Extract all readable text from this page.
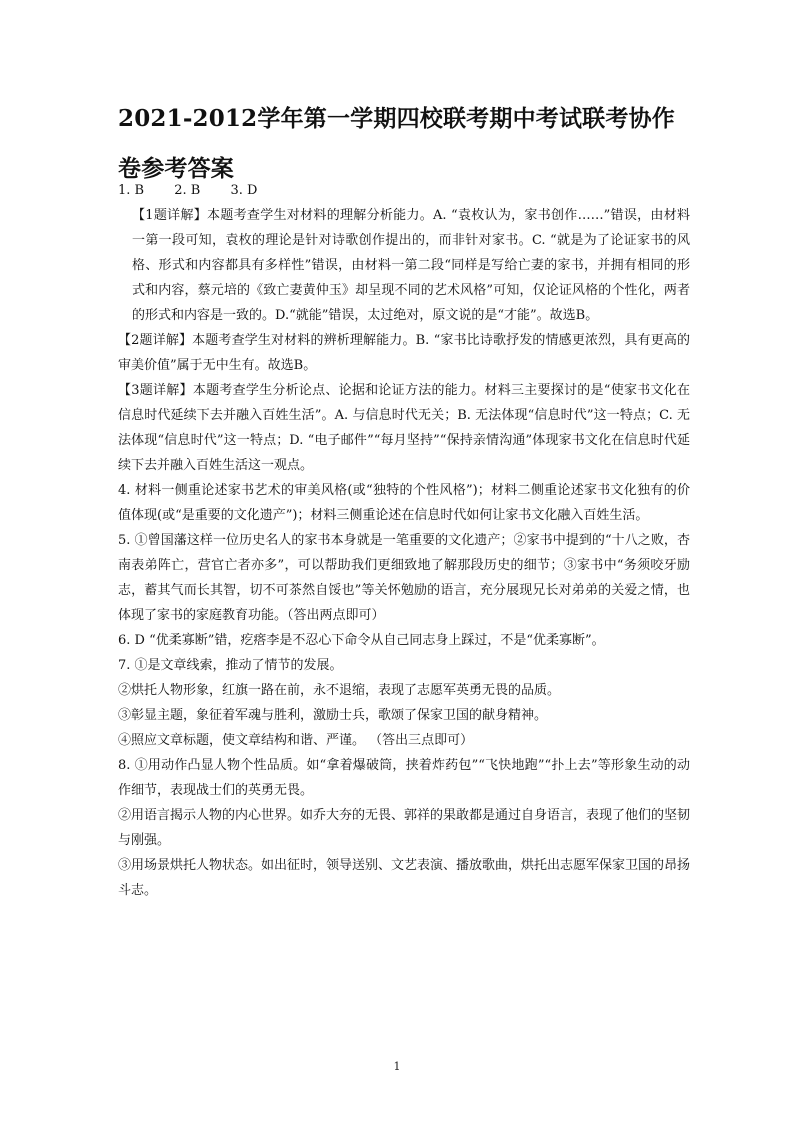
2021-2012学年第一学期四校联考期中考试联考协作卷参考答案

1. B 2. B 3. D

【1题详解】本题考查学生对材料的理解分析能力。A. “袁枚认为，家书创作……”错误，由材料一第一段可知，袁枚的理论是针对诗歌创作提出的，而非针对家书。C. “就是为了论证家书的风格、形式和内容都具有多样性”错误，由材料一第二段“同样是写给亡妻的家书，并拥有相同的形式和内容，蔡元培的《致亡妻黄仲玉》却呈现不同的艺术风格”可知，仅论证风格的个性化，两者的形式和内容是一致的。D.“就能”错误，太过绝对，原文说的是“才能”。故选B。

【2题详解】本题考查学生对材料的辨析理解能力。B. “家书比诗歌抒发的情感更浓烈，具有更高的审美价值”属于无中生有。故选B。

【3题详解】本题考查学生分析论点、论据和论证方法的能力。材料三主要探讨的是“使家书文化在信息时代延续下去并融入百姓生活”。A. 与信息时代无关；B. 无法体现“信息时代”这一特点；C. 无法体现“信息时代”这一特点；D. “电子邮件”“每月坚持”“保持亲情沟通”体现家书文化在信息时代延续下去并融入百姓生活这一观点。

4. 材料一侧重论述家书艺术的审美风格(或“独特的个性风格”)；材料二侧重论述家书文化独有的价值体现(或“是重要的文化遗产”)；材料三侧重论述在信息时代如何让家书文化融入百姓生活。

5. ①曾国藩这样一位历史名人的家书本身就是一笔重要的文化遗产；②家书中提到的“十八之败，杏南表弟阵亡，营官亡者亦多”，可以帮助我们更细致地了解那段历史的细节；③家书中“务须咬牙励志，蓄其气而长其智，切不可茶然自馁也”等关怀勉励的语言，充分展现兄长对弟弟的关爱之情，也体现了家书的家庭教育功能。（答出两点即可）

6. D “优柔寡断”错，疙瘩李是不忍心下命令从自己同志身上踩过，不是“优柔寡断”。

7. ①是文章线索，推动了情节的发展。

②烘托人物形象，红旗一路在前，永不退缩，表现了志愿军英勇无畏的品质。

③彰显主题，象征着军魂与胜利，激励士兵，歌颂了保家卫国的献身精神。

④照应文章标题，使文章结构和谐、严谨。 （答出三点即可）

8. ①用动作凸显人物个性品质。如“拿着爆破筒，挟着炸药包”“飞快地跑”“扑上去”等形象生动的动作细节，表现战士们的英勇无畏。

②用语言揭示人物的内心世界。如乔大夯的无畏、郭祥的果敢都是通过自身语言，表现了他们的坚韧与刚强。

③用场景烘托人物状态。如出征时，领导送别、文艺表演、播放歌曲，烘托出志愿军保家卫国的昂扬斗志。

1
